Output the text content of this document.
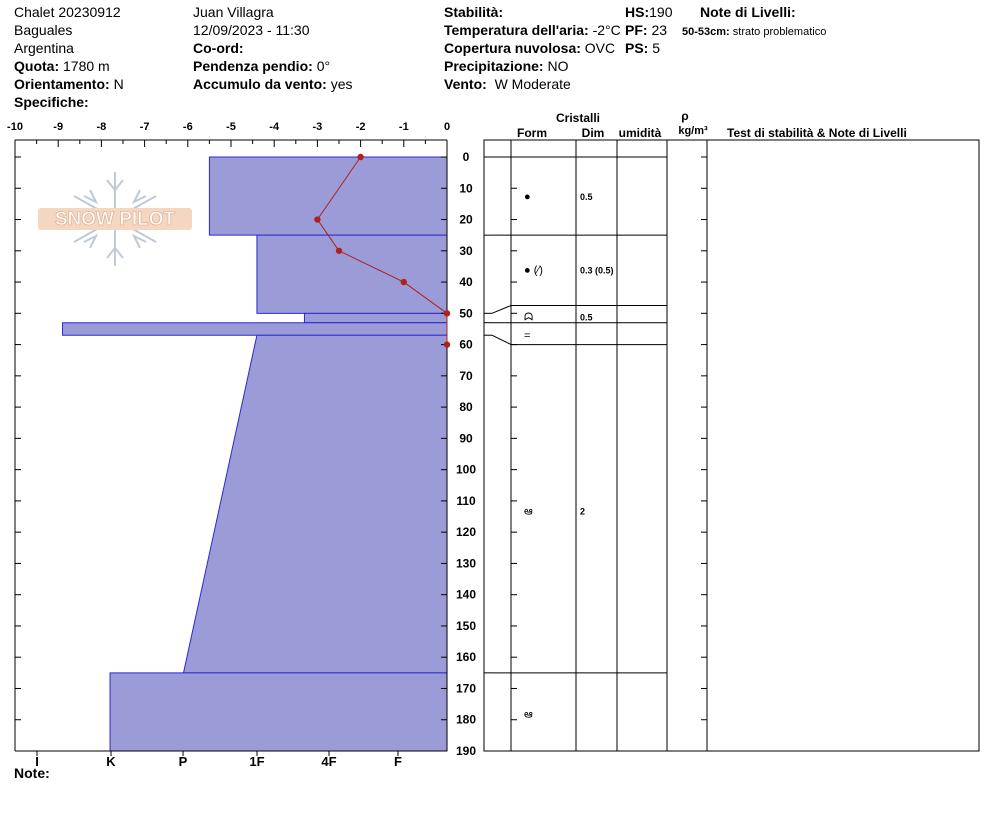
Chalet 20230912
Baguales
Argentina
Quota: 1780 m
Orientamento: N
Specifiche:
Juan Villagra
12/09/2023 - 11:30
Co-ord:
Pendenza pendio: 0°
Accumulo da vento: yes
Stabilità:
Temperatura dell'aria: -2°C
Copertura nuvolosa: OVC
Precipitazione: NO
Vento: W Moderate
HS:190
PF: 23
PS: 5
Note di Livelli:
50-53cm: strato problematico
SNOW PILOT
-10	-9	-8	-7	-6	-5	-4	-3	-2	-1	0
0
10
20
30
40
50
60
70
80
90
100
110
120
130
140
150
160
170
180
190
I	K	P	1F	4F	F
Cristalli
Form	Dim umidità
ρ
kg/m³ Test di stabilità & Note di Livelli
●	0.5
● (⁄)	0.3 (0.5)
ᗣ	0.5
=
ఆ	2
ఆ
Note:
